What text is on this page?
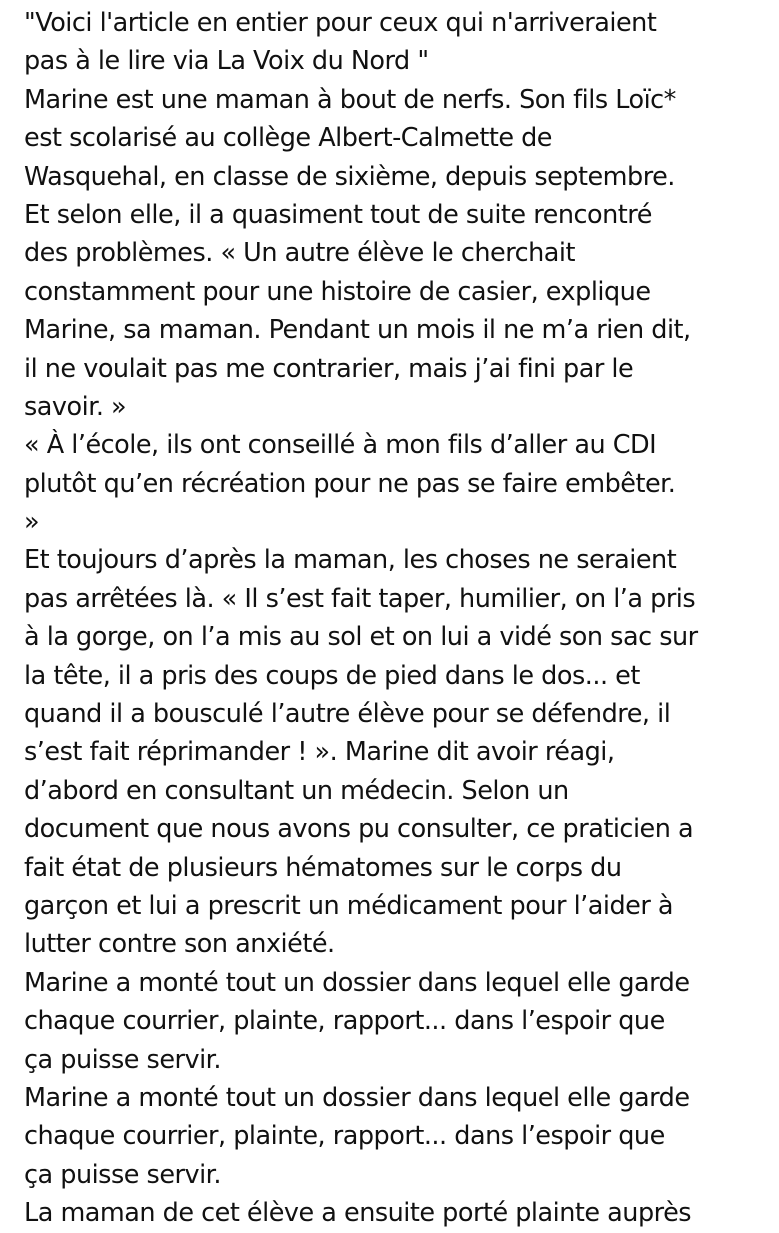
"Voici l'article en entier pour ceux qui n'arriveraient
pas à le lire via La Voix du Nord "
Marine est une maman à bout de nerfs. Son fils Loïc*
est scolarisé au collège Albert-Calmette de
Wasquehal, en classe de sixième, depuis septembre.
Et selon elle, il a quasiment tout de suite rencontré
des problèmes. « Un autre élève le cherchait
constamment pour une histoire de casier, explique
Marine, sa maman. Pendant un mois il ne m’a rien dit,
il ne voulait pas me contrarier, mais j’ai fini par le
savoir. »
« À l’école, ils ont conseillé à mon fils d’aller au CDI
plutôt qu’en récréation pour ne pas se faire embêter.
»
Et toujours d’après la maman, les choses ne seraient
pas arrêtées là. « Il s’est fait taper, humilier, on l’a pris
à la gorge, on l’a mis au sol et on lui a vidé son sac sur
la tête, il a pris des coups de pied dans le dos... et
quand il a bousculé l’autre élève pour se défendre, il
s’est fait réprimander ! ». Marine dit avoir réagi,
d’abord en consultant un médecin. Selon un
document que nous avons pu consulter, ce praticien a
fait état de plusieurs hématomes sur le corps du
garçon et lui a prescrit un médicament pour l’aider à
lutter contre son anxiété.
Marine a monté tout un dossier dans lequel elle garde
chaque courrier, plainte, rapport... dans l’espoir que
ça puisse servir.
Marine a monté tout un dossier dans lequel elle garde
chaque courrier, plainte, rapport... dans l’espoir que
ça puisse servir.
La maman de cet élève a ensuite porté plainte auprès
